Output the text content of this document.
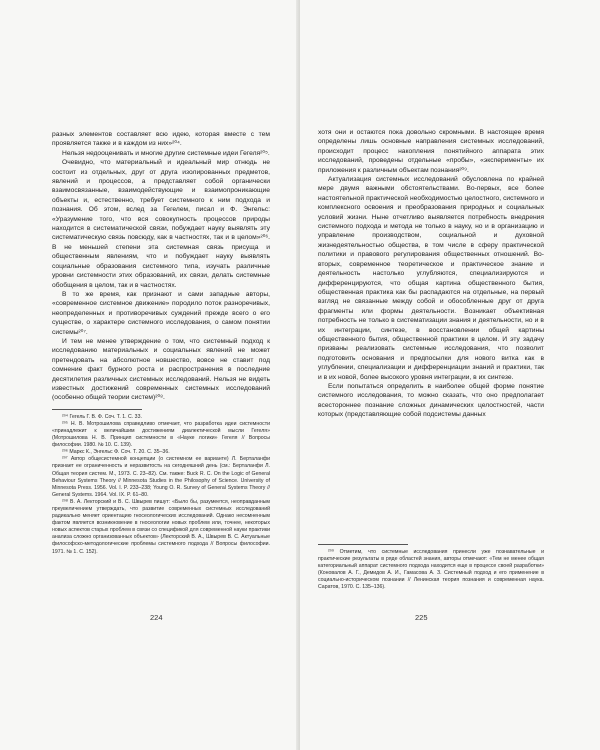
разных элементов составляет всю идею, которая вместе с тем проявляется также и в каждом из них»²⁰⁴.

Нельзя недооценивать и многие другие системные идеи Гегеля²⁰⁵.

Очевидно, что материальный и идеальный мир отнюдь не состоит из отдельных, друг от друга изолированных предметов, явлений и процессов, а представляет собой органически взаимосвязанные, взаимодействующие и взаимопроникающие объекты и, естественно, требует системного к ним подхода и познания. Об этом, вслед за Гегелем, писал и Ф. Энгельс: «Уразумение того, что вся совокупность процессов природы находится в систематической связи, побуждает науку выявлять эту систематическую связь повсюду, как в частностях, так и в целом»²⁰⁶. В не меньшей степени эта системная связь присуща и общественным явлениям, что и побуждает науку выявлять социальные образования системного типа, изучать различные уровни системности этих образований, их связи, делать системные обобщения в целом, так и в частностях.

В то же время, как признают и сами западные авторы, «современное системное движение» породило поток разноречивых, неопределенных и противоречивых суждений прежде всего о его существе, о характере системного исследования, о самом понятии системы²⁰⁷.

И тем не менее утверждение о том, что системный подход к исследованию материальных и социальных явлений не может претендовать на абсолютное новшество, вовсе не ставит под сомнение факт бурного роста и распространения в последние десятилетия различных системных исследований. Нельзя не видеть известных достижений современных системных исследований (особенно общей теории систем)²⁰⁸.

²⁰⁴ Гегель Г. В. Ф. Соч. Т. 1. С. 33.

²⁰⁵ Н. В. Мотрошилова справедливо отмечает, что разработка идеи системности «принадлежит к величайшим достижениям диалектической мысли Гегеля» (Мотрошилова Н. В. Принцип системности в «Науке логики» Гегеля // Вопросы философии. 1980. № 10. С. 139).

²⁰⁶ Маркс К., Энгельс Ф. Соч. Т. 20. С. 35–36.

²⁰⁷ Автор общесистемной концепции (о системном ее варианте) Л. Берталанфи признает ее ограниченность и неразвитость на сегодняшний день (см.: Берталанфи Л. Общая теория систем. М., 1973. С. 23–82). См. также: Buck R. C. On the Logic of General Behaviour Systems Theory // Minnesota Studies in the Philosophy of Science. University of Minnesota Press. 1956. Vol. I. P. 233–238; Young O. R. Survey of General Systems Theory // General Systems. 1964. Vol. IX. P. 61–80.

²⁰⁸ В. А. Лекторский и В. С. Швырев пишут: «Было бы, разумеется, неоправданным преувеличением утверждать, что развитие современных системных исследований радикально меняет ориентацию гносеологических исследований. Однако несомненным фактом является возникновение в гносеологии новых проблем или, точнее, некоторых новых аспектов старых проблем в связи со спецификой для современной науки практики анализа сложно организованных объектов» (Лекторский В. А., Швырев В. С. Актуальные философско-методологические проблемы системного подхода // Вопросы философии. 1971. № 1. С. 152).

224

хотя они и остаются пока довольно скромными. В настоящее время определены лишь основные направления системных исследований, происходит процесс накопления понятийного аппарата этих исследований, проведены отдельные «пробы», «эксперименты» их приложения к различным объектам познания²⁰⁹.

Актуализация системных исследований обусловлена по крайней мере двумя важными обстоятельствами. Во-первых, все более настоятельной практической необходимостью целостного, системного и комплексного освоения и преобразования природных и социальных условий жизни. Ныне отчетливо выявляется потребность внедрения системного подхода и метода не только в науку, но и в организацию и управление производством, социальной и духовной жизнедеятельностью общества, в том числе в сферу практической политики и правового регулирования общественных отношений. Во-вторых, современное теоретическое и практическое знание и деятельность настолько углубляются, специализируются и дифференцируются, что общая картина общественного бытия, общественная практика как бы распадаются на отдельные, на первый взгляд не связанные между собой и обособленные друг от друга фрагменты или формы деятельности. Возникает объективная потребность не только в систематизации знания и деятельности, но и в их интеграции, синтезе, в восстановлении общей картины общественного бытия, общественной практики в целом. И эту задачу призваны реализовать системные исследования, что позволит подготовить основания и предпосылки для нового витка как в углублении, специализации и дифференциации знаний и практики, так и в их новой, более высокого уровня интеграции, в их синтезе.

Если попытаться определить в наиболее общей форме понятие системного исследования, то можно сказать, что оно предполагает всестороннее познание сложных динамических целостностей, части которых (представляющие собой подсистемы данных

²⁰⁹ Отметим, что системные исследования принесли уже познавательные и практические результаты в ряде областей знания, авторы отмечают: «Тем не менее общая категориальный аппарат системного подхода находится еще в процессе своей разработки» (Коновалов А. Г., Демидов А. И., Гамасова А. З. Системный подход и его применение в социально-историческом познании // Ленинская теория познания и современная наука. Саратов, 1970. С. 135–136).

225
